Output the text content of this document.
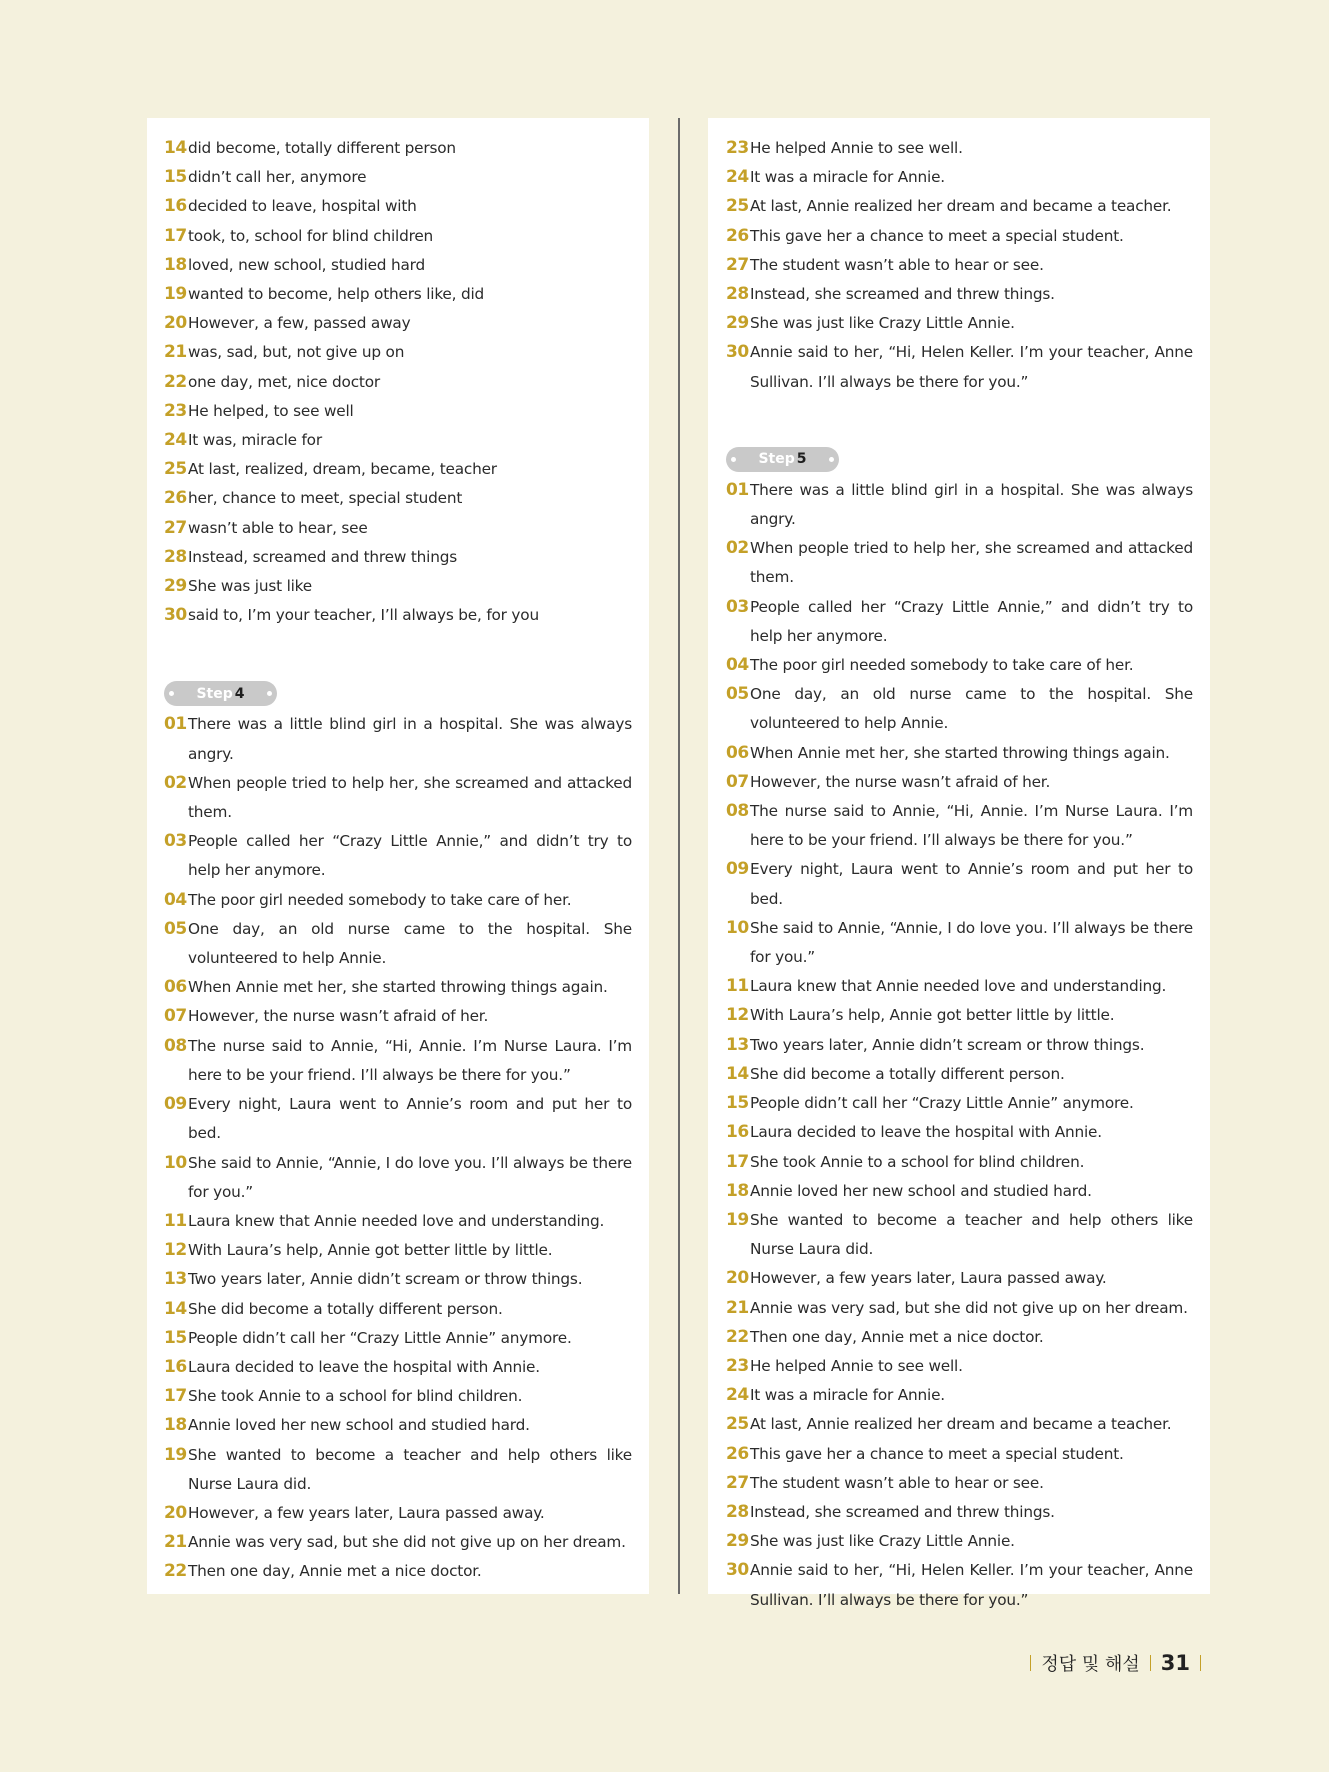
14 did become, totally different person
15 didn’t call her, anymore
16 decided to leave, hospital with
17 took, to, school for blind children
18 loved, new school, studied hard
19 wanted to become, help others like, did
20 However, a few, passed away
21 was, sad, but, not give up on
22 one day, met, nice doctor
23 He helped, to see well
24 It was, miracle for
25 At last, realized, dream, became, teacher
26 her, chance to meet, special student
27 wasn’t able to hear, see
28 Instead, screamed and threw things
29 She was just like
30 said to, I’m your teacher, I’ll always be, for you
Step 4
01 There was a little blind girl in a hospital. She was always angry.
02 When people tried to help her, she screamed and attacked them.
03 People called her “Crazy Little Annie,” and didn’t try to help her anymore.
04 The poor girl needed somebody to take care of her.
05 One day, an old nurse came to the hospital. She volunteered to help Annie.
06 When Annie met her, she started throwing things again.
07 However, the nurse wasn’t afraid of her.
08 The nurse said to Annie, “Hi, Annie. I’m Nurse Laura. I’m here to be your friend. I’ll always be there for you.”
09 Every night, Laura went to Annie’s room and put her to bed.
10 She said to Annie, “Annie, I do love you. I’ll always be there for you.”
11 Laura knew that Annie needed love and understanding.
12 With Laura’s help, Annie got better little by little.
13 Two years later, Annie didn’t scream or throw things.
14 She did become a totally different person.
15 People didn’t call her “Crazy Little Annie” anymore.
16 Laura decided to leave the hospital with Annie.
17 She took Annie to a school for blind children.
18 Annie loved her new school and studied hard.
19 She wanted to become a teacher and help others like Nurse Laura did.
20 However, a few years later, Laura passed away.
21 Annie was very sad, but she did not give up on her dream.
22 Then one day, Annie met a nice doctor.
23 He helped Annie to see well.
24 It was a miracle for Annie.
25 At last, Annie realized her dream and became a teacher.
26 This gave her a chance to meet a special student.
27 The student wasn’t able to hear or see.
28 Instead, she screamed and threw things.
29 She was just like Crazy Little Annie.
30 Annie said to her, “Hi, Helen Keller. I’m your teacher, Anne Sullivan. I’ll always be there for you.”
Step 5
01 There was a little blind girl in a hospital. She was always angry.
02 When people tried to help her, she screamed and attacked them.
03 People called her “Crazy Little Annie,” and didn’t try to help her anymore.
04 The poor girl needed somebody to take care of her.
05 One day, an old nurse came to the hospital. She volunteered to help Annie.
06 When Annie met her, she started throwing things again.
07 However, the nurse wasn’t afraid of her.
08 The nurse said to Annie, “Hi, Annie. I’m Nurse Laura. I’m here to be your friend. I’ll always be there for you.”
09 Every night, Laura went to Annie’s room and put her to bed.
10 She said to Annie, “Annie, I do love you. I’ll always be there for you.”
11 Laura knew that Annie needed love and understanding.
12 With Laura’s help, Annie got better little by little.
13 Two years later, Annie didn’t scream or throw things.
14 She did become a totally different person.
15 People didn’t call her “Crazy Little Annie” anymore.
16 Laura decided to leave the hospital with Annie.
17 She took Annie to a school for blind children.
18 Annie loved her new school and studied hard.
19 She wanted to become a teacher and help others like Nurse Laura did.
20 However, a few years later, Laura passed away.
21 Annie was very sad, but she did not give up on her dream.
22 Then one day, Annie met a nice doctor.
23 He helped Annie to see well.
24 It was a miracle for Annie.
25 At last, Annie realized her dream and became a teacher.
26 This gave her a chance to meet a special student.
27 The student wasn’t able to hear or see.
28 Instead, she screamed and threw things.
29 She was just like Crazy Little Annie.
30 Annie said to her, “Hi, Helen Keller. I’m your teacher, Anne Sullivan. I’ll always be there for you.”
정답 및 해설 31
